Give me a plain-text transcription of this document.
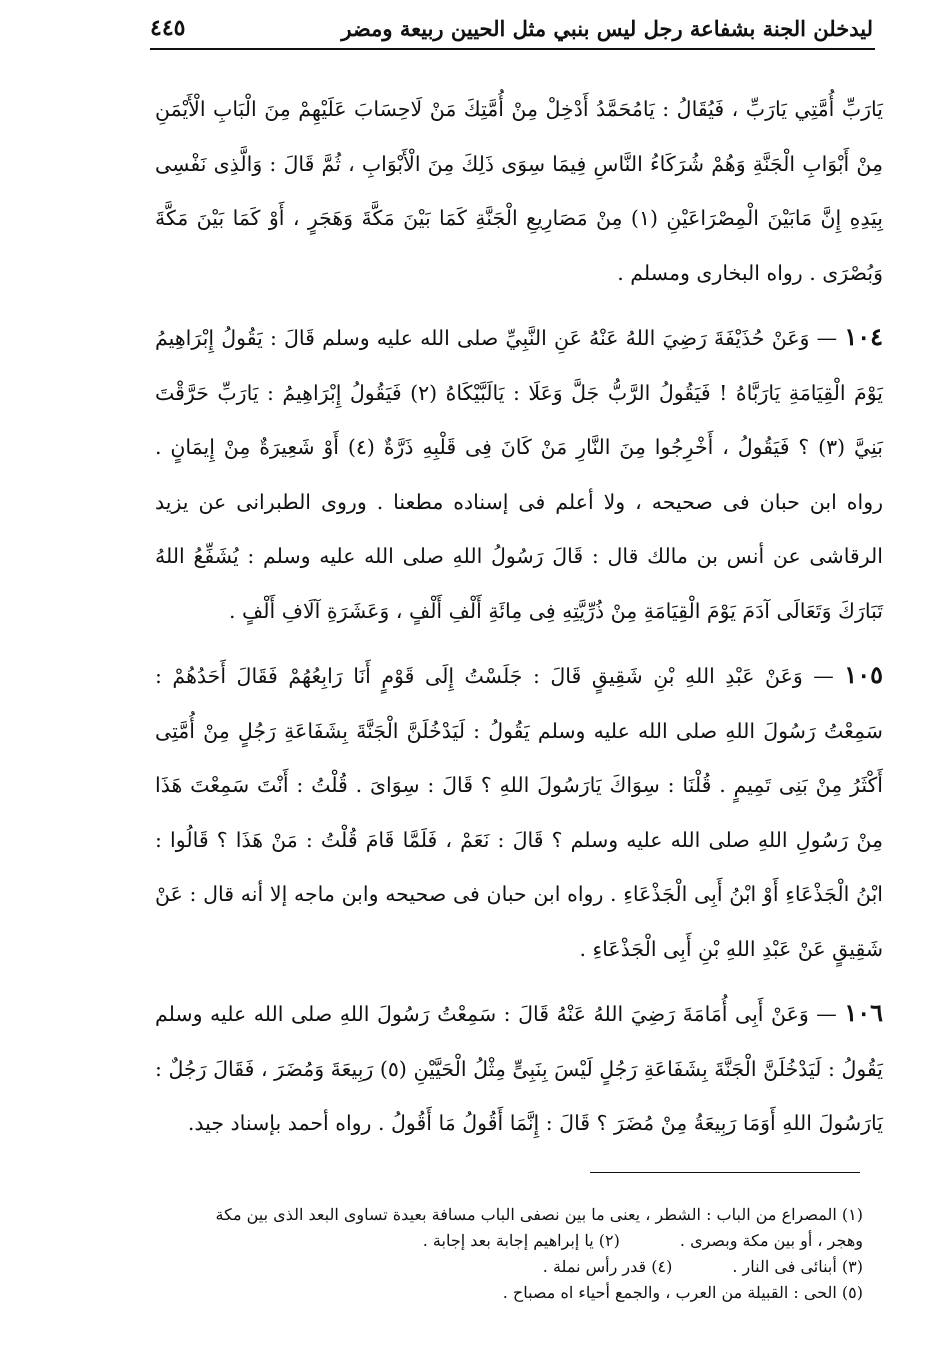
ليدخلن الجنة بشفاعة رجل ليس بنبي مثل الحيين ربيعة ومضر
٤٤٥

يَارَبِّ أُمَّتِي يَارَبِّ ، فَيُقَالُ : يَامُحَمَّدُ أَدْخِلْ مِنْ أُمَّتِكَ مَنْ لَاحِسَابَ عَلَيْهِمْ مِنَ الْبَابِ الْأَيْمَنِ مِنْ أَبْوَابِ الْجَنَّةِ وَهُمْ شُرَكَاءُ النَّاسِ فِيمَا سِوَى ذَلِكَ مِنَ الْأَبْوَابِ ، ثُمَّ قَالَ : وَالَّذِى نَفْسِى بِيَدِهِ إِنَّ مَابَيْنَ الْمِصْرَاعَيْنِ (١) مِنْ مَصَارِيعِ الْجَنَّةِ كَمَا بَيْنَ مَكَّةَ وَهَجَرٍ ، أَوْ كَمَا بَيْنَ مَكَّةَ وَبُصْرَى . رواه البخارى ومسلم .

١٠٤ — وَعَنْ حُذَيْفَةَ رَضِيَ اللهُ عَنْهُ عَنِ النَّبِيِّ صلى الله عليه وسلم قَالَ : يَقُولُ إِبْرَاهِيمُ يَوْمَ الْقِيَامَةِ يَارَبَّاهُ ! فَيَقُولُ الرَّبُّ جَلَّ وَعَلَا : يَالَبَّيْكَاهُ (٢) فَيَقُولُ إِبْرَاهِيمُ : يَارَبِّ حَرَّقْتَ بَنِيَّ (٣) ؟ فَيَقُولُ ، أَخْرِجُوا مِنَ النَّارِ مَنْ كَانَ فِى قَلْبِهِ ذَرَّةٌ (٤) أَوْ شَعِيرَةٌ مِنْ إِيمَانٍ . رواه ابن حبان فى صحيحه ، ولا أعلم فى إسناده مطعنا . وروى الطبرانى عن يزيد الرقاشى عن أنس بن مالك قال : قَالَ رَسُولُ اللهِ صلى الله عليه وسلم : يُشَفِّعُ اللهُ تَبَارَكَ وَتَعَالَى آدَمَ يَوْمَ الْقِيَامَةِ مِنْ ذُرِّيَّتِهِ فِى مِائَةِ أَلْفِ أَلْفٍ ، وَعَشَرَةِ آلَافِ أَلْفٍ .

١٠٥ — وَعَنْ عَبْدِ اللهِ بْنِ شَقِيقٍ قَالَ : جَلَسْتُ إِلَى قَوْمٍ أَنَا رَابِعُهُمْ فَقَالَ أَحَدُهُمْ : سَمِعْتُ رَسُولَ اللهِ صلى الله عليه وسلم يَقُولُ : لَيَدْخُلَنَّ الْجَنَّةَ بِشَفَاعَةِ رَجُلٍ مِنْ أُمَّتِى أَكْثَرُ مِنْ بَنِى تَمِيمٍ . قُلْنَا : سِوَاكَ يَارَسُولَ اللهِ ؟ قَالَ : سِوَاىَ . قُلْتُ : أَنْتَ سَمِعْتَ هَذَا مِنْ رَسُولِ اللهِ صلى الله عليه وسلم ؟ قَالَ : نَعَمْ ، فَلَمَّا قَامَ قُلْتُ : مَنْ هَذَا ؟ قَالُوا : ابْنُ الْجَذْعَاءِ أَوْ ابْنُ أَبِى الْجَذْعَاءِ . رواه ابن حبان فى صحيحه وابن ماجه إلا أنه قال : عَنْ شَقِيقٍ عَنْ عَبْدِ اللهِ بْنِ أَبِى الْجَذْعَاءِ .

١٠٦ — وَعَنْ أَبِى أُمَامَةَ رَضِيَ اللهُ عَنْهُ قَالَ : سَمِعْتُ رَسُولَ اللهِ صلى الله عليه وسلم يَقُولُ : لَيَدْخُلَنَّ الْجَنَّةَ بِشَفَاعَةِ رَجُلٍ لَيْسَ بِنَبِىٍّ مِثْلُ الْحَيَّيْنِ (٥) رَبِيعَةَ وَمُضَرَ ، فَقَالَ رَجُلٌ : يَارَسُولَ اللهِ أَوَمَا رَبِيعَةُ مِنْ مُضَرَ ؟ قَالَ : إِنَّمَا أَقُولُ مَا أَقُولُ . رواه أحمد بإسناد جيد.

(١) المصراع من الباب : الشطر ، يعنى ما بين نصفى الباب مسافة بعيدة تساوى البعد الذى بين مكة

وهجر ، أو بين مكة وبصرى .

(٢) يا إبراهيم إجابة بعد إجابة .

(٣) أبنائى فى النار .

(٤) قدر رأس نملة .

(٥) الحى : القبيلة من العرب ، والجمع أحياء اه مصباح .
